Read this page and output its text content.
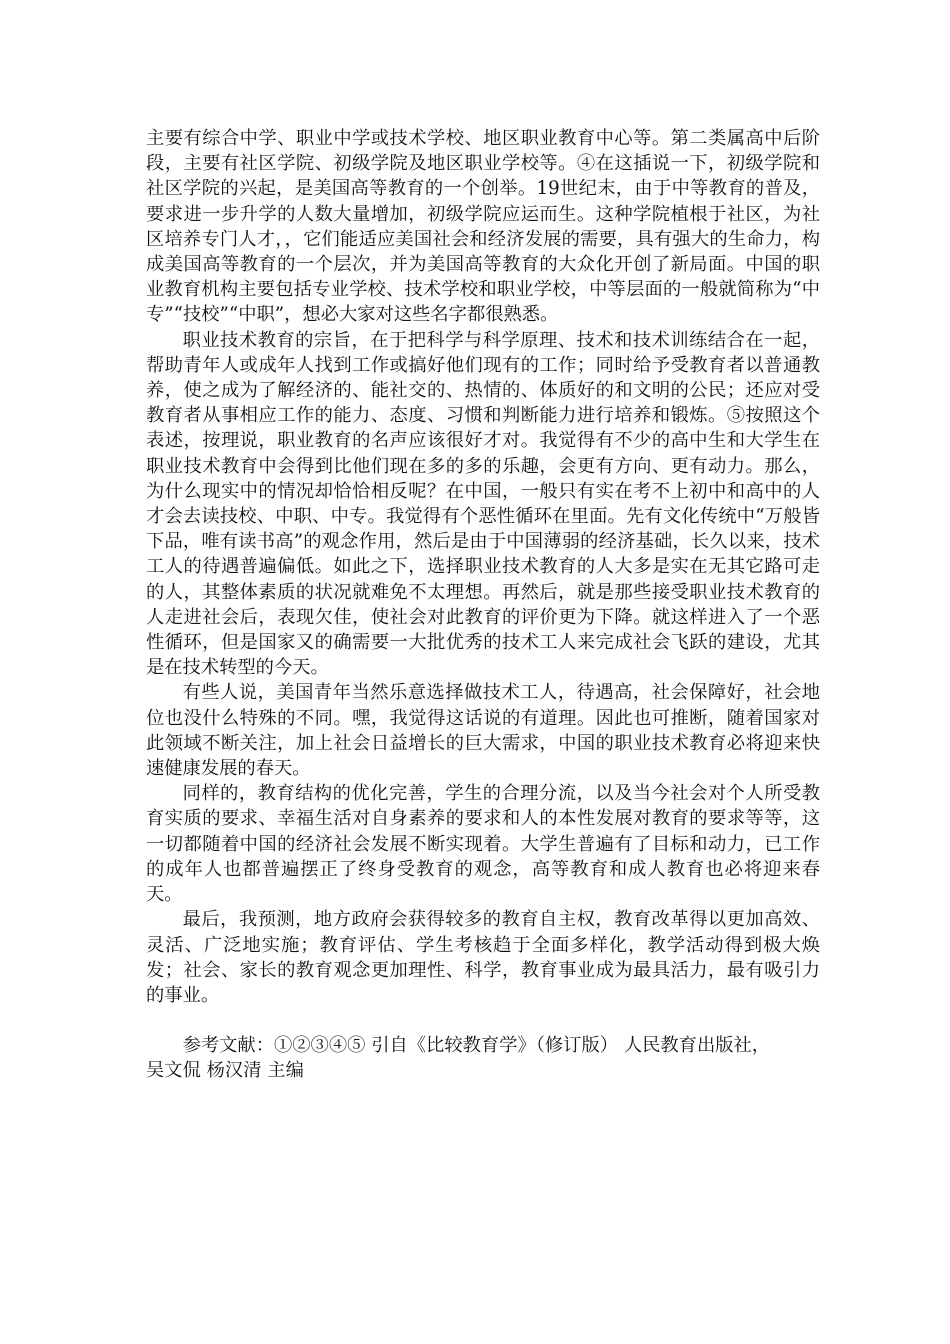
主要有综合中学、职业中学或技术学校、地区职业教育中心等。第二类属高中后阶段，主要有社区学院、初级学院及地区职业学校等。④在这插说一下，初级学院和社区学院的兴起，是美国高等教育的一个创举。19世纪末，由于中等教育的普及，要求进一步升学的人数大量增加，初级学院应运而生。这种学院植根于社区，为社区培养专门人才，，它们能适应美国社会和经济发展的需要，具有强大的生命力，构成美国高等教育的一个层次，并为美国高等教育的大众化开创了新局面。中国的职业教育机构主要包括专业学校、技术学校和职业学校，中等层面的一般就简称为“中专”“技校”“中职”，想必大家对这些名字都很熟悉。

职业技术教育的宗旨，在于把科学与科学原理、技术和技术训练结合在一起，帮助青年人或成年人找到工作或搞好他们现有的工作；同时给予受教育者以普通教养，使之成为了解经济的、能社交的、热情的、体质好的和文明的公民；还应对受教育者从事相应工作的能力、态度、习惯和判断能力进行培养和锻炼。⑤按照这个表述，按理说，职业教育的名声应该很好才对。我觉得有不少的高中生和大学生在职业技术教育中会得到比他们现在多的多的乐趣，会更有方向、更有动力。那么，为什么现实中的情况却恰恰相反呢？在中国，一般只有实在考不上初中和高中的人才会去读技校、中职、中专。我觉得有个恶性循环在里面。先有文化传统中“万般皆下品，唯有读书高”的观念作用，然后是由于中国薄弱的经济基础，长久以来，技术工人的待遇普遍偏低。如此之下，选择职业技术教育的人大多是实在无其它路可走的人，其整体素质的状况就难免不太理想。再然后，就是那些接受职业技术教育的人走进社会后，表现欠佳，使社会对此教育的评价更为下降。就这样进入了一个恶性循环，但是国家又的确需要一大批优秀的技术工人来完成社会飞跃的建设，尤其是在技术转型的今天。

有些人说，美国青年当然乐意选择做技术工人，待遇高，社会保障好，社会地位也没什么特殊的不同。嘿，我觉得这话说的有道理。因此也可推断，随着国家对此领域不断关注，加上社会日益增长的巨大需求，中国的职业技术教育必将迎来快速健康发展的春天。

同样的，教育结构的优化完善，学生的合理分流，以及当今社会对个人所受教育实质的要求、幸福生活对自身素养的要求和人的本性发展对教育的要求等等，这一切都随着中国的经济社会发展不断实现着。大学生普遍有了目标和动力，已工作的成年人也都普遍摆正了终身受教育的观念，高等教育和成人教育也必将迎来春天。

最后，我预测，地方政府会获得较多的教育自主权，教育改革得以更加高效、灵活、广泛地实施；教育评估、学生考核趋于全面多样化，教学活动得到极大焕发；社会、家长的教育观念更加理性、科学，教育事业成为最具活力，最有吸引力的事业。

参考文献：①②③④⑤ 引自《比较教育学》（修订版） 人民教育出版社，

吴文侃 杨汉清 主编
